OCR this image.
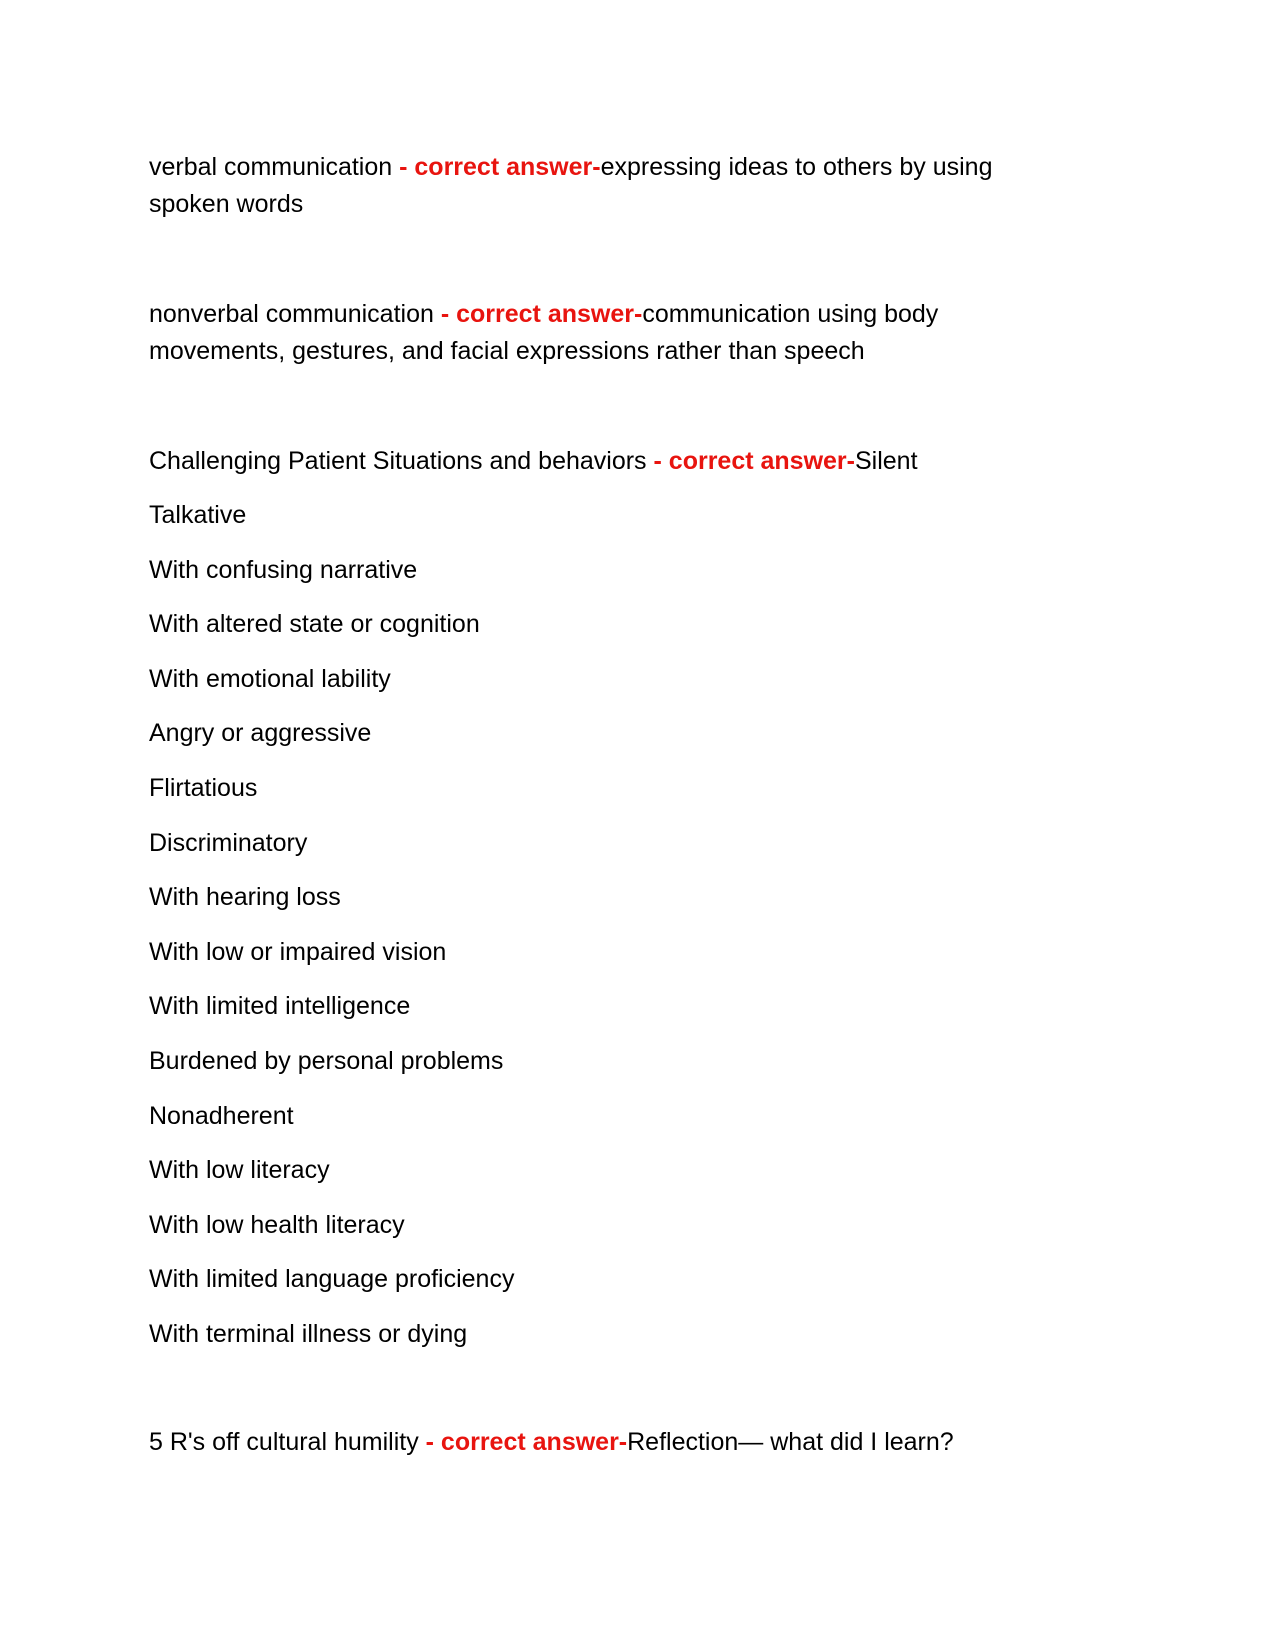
verbal communication - correct answer-expressing ideas to others by using spoken words

nonverbal communication - correct answer-communication using body movements, gestures, and facial expressions rather than speech

Challenging Patient Situations and behaviors - correct answer-Silent

Talkative
With confusing narrative
With altered state or cognition
With emotional lability
Angry or aggressive
Flirtatious
Discriminatory
With hearing loss
With low or impaired vision
With limited intelligence
Burdened by personal problems
Nonadherent
With low literacy
With low health literacy
With limited language proficiency
With terminal illness or dying

5 R's off cultural humility - correct answer-Reflection— what did I learn?
